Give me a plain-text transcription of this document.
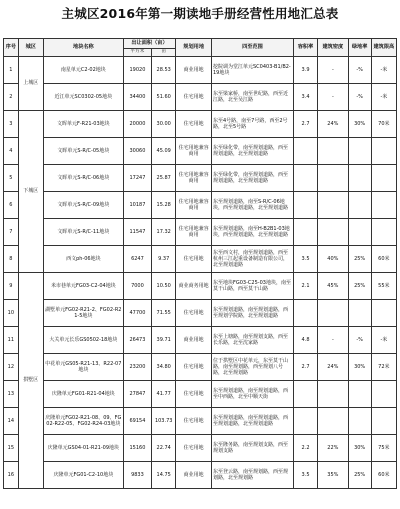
主城区2016年第一期读地手册经营性用地汇总表
序号	城区	地块名称	出让面积（亩）		规划用地	四至范围	容积率	建筑密度	绿地率	建筑限高
			平方米	亩						
1	上城区	南星单元C2-02地块	19020	28.53	商业用地	挖院调为堂江单元SC0403-B1/B2-19地块	3.9	-	-%	-米
2		近江单元SC0302-05地块	34400	51.60	住宅用地	东至梁家桥，南至世纪路，西至近江路，北至吴江路	3.4	-	-%	-米
3	下城区	文晖单元F-R21-03地块	20000	30.00	住宅用地	东至4号路，南至7号路，西至2号路，北至5号路	2.7	24%	30%	70米
4		文晖单元S-R/C-05地块	30060	45.09	住宅用地兼容商用	东至绿化带，南至规划道路，西至规划道路，北至规划道路				
5		文晖单元S-R/C-06地块	17247	25.87	住宅用地兼容商用	东至绿化带，南至规划道路，西至规划道路，北至规划道路				
6		文晖单元S-R/C-09地块	10187	15.28	住宅用地兼容商用	东至规划道路，南至S-R/C-06地块，西至规划道路，北至规划道路				
7		文晖单元S-R/C-11地块	11547	17.32	住宅用地兼容商用	东至规划道路，南至H-B2B1-03地块，西至规划道路，北至规划道路				
8		西文ph-06地块	6247	9.37	住宅用地	东至西文村，南至规划道路，西至杭州三江起重设备制造有限公司，北至规划道路	3.5	40%	25%	60米
9	拱墅区	米市巷单元FG03-C2-04地块	7000	10.50	商业商务用地	东至地块FG03-C25-03地块，南至莫干山路，西至莫干山路	2.1	45%	25%	55米
10		湖墅单元FG02-R21-2、FG02-R21-5地块	47700	71.55	住宅用地	东至规划道路，南至规划道路，西至规划学院路，北至规划道路				
11		大关单元长乐GS0502-18地块	26473	39.71	商业用地	东至上塘路，南至规划支路，西至长乐路，北至沈家路	4.8	-	-%	-米
12		中花单元GS05-R21-13、R22-07地块	23200	34.80	住宅用地	位于拱墅区中花单元，东至莫干山路，南至规划路，西至规划八号路，北至规划路	2.7	24%	30%	72米
13		庆隆单元FG01-R21-04地块	27847	41.77	住宅用地	东至规划道路，南至规划道路，西至中西路，北至中顺天街				
14		庆隆单元FG02-R21-08、09、FG02-R22-05、FG02-R24-03地块	69154	103.73	住宅用地	东至规划道路，南至规划道路，西至规划道路，北至规划道路				
15		庆隆单元GS04-01-R21-09地块	15160	22.74	住宅用地	东至隆务路，南至规划支路，西至规划支路	2.2	22%	30%	75米
16		庆隆单元FG01-C2-10地块	9833	14.75	商业用地	东至登云路，南至规划路，西至规划路，北至规划路	3.5	35%	25%	60米
